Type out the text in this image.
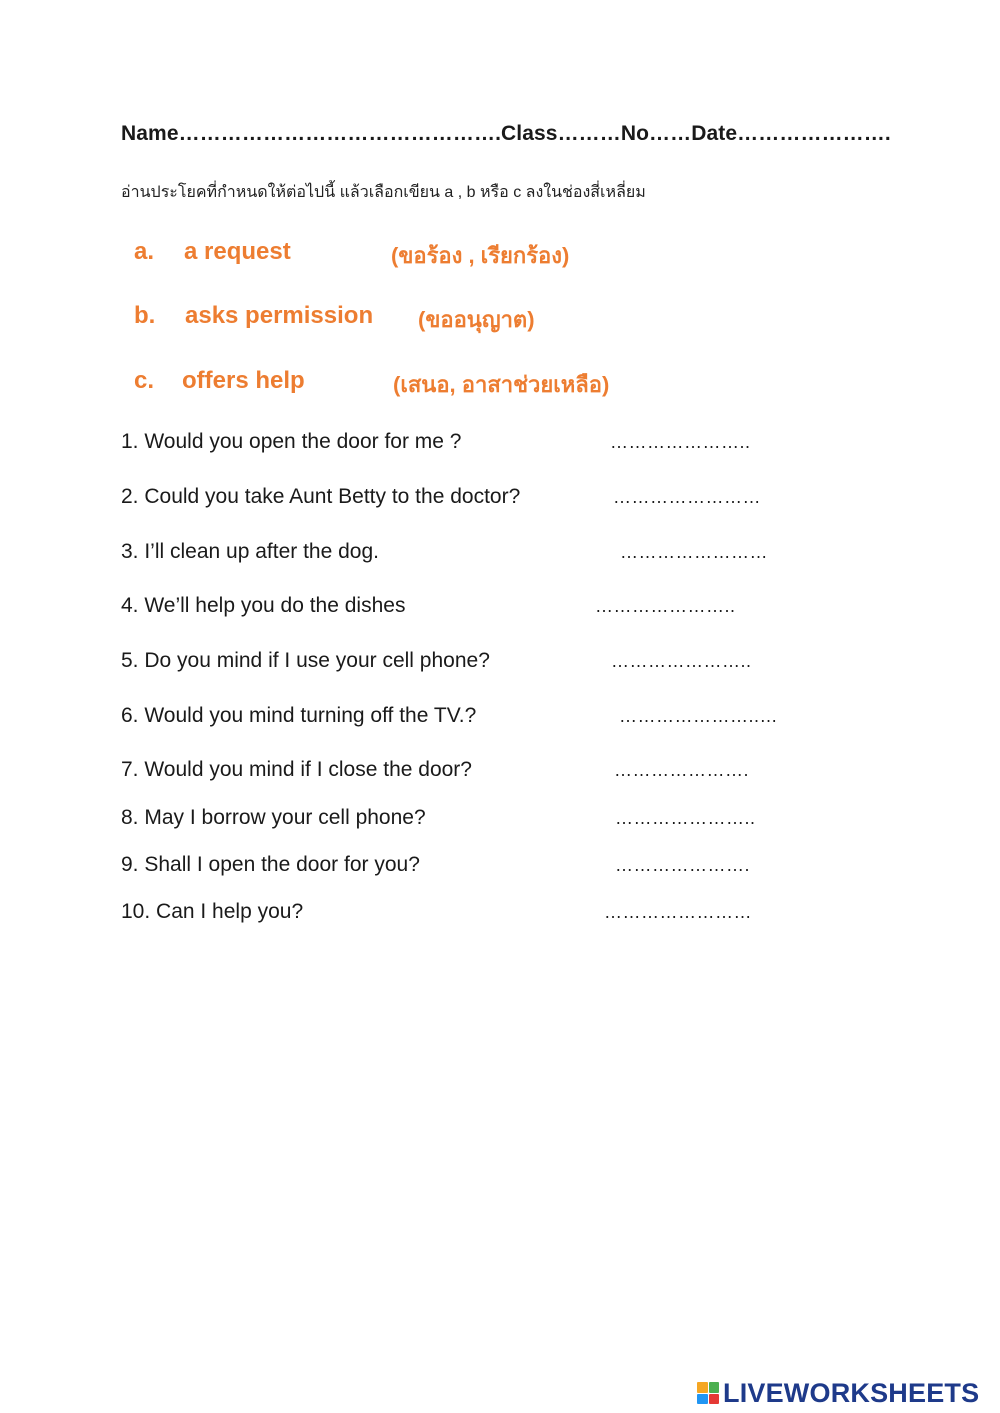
Name……………………………………….Class………No……Date………………….
อ่านประโยคที่กำหนดให้ต่อไปนี้ แล้วเลือกเขียน a , b หรือ c ลงในช่องสี่เหลี่ยม
a. a request	(ขอร้อง , เรียกร้อง)
b. asks permission (ขออนุญาต)
c. offers help	(เสนอ, อาสาช่วยเหลือ)
1. Would you open the door for me ?	…………………..
2. Could you take Aunt Betty to the doctor?	……………………
3. I’ll clean up after the dog.	……………………
4. We’ll help you do the dishes	…………………..
5. Do you mind if I use your cell phone?	…………………..
6. Would you mind turning off the TV.?	…………………..…
7. Would you mind if I close the door?	………………….
8. May I borrow your cell phone?	…………………..
9. Shall I open the door for you?	………………….
10. Can I help you?	……………………
LIVEWORKSHEETS
